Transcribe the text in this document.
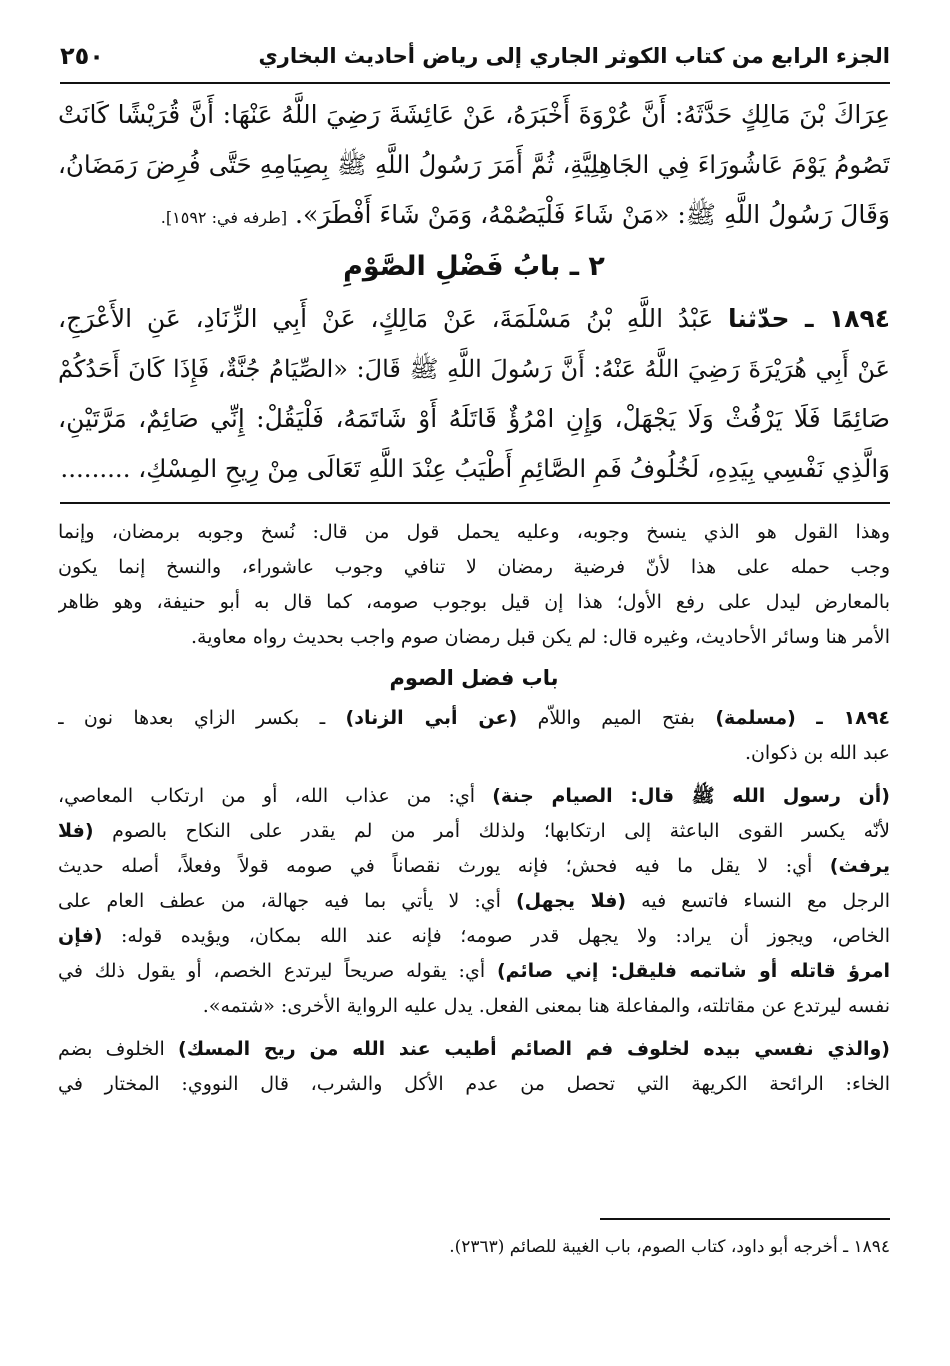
الجزء الرابع من كتاب الكوثر الجاري إلى رياض أحاديث البخاري
٢٥٠
عِرَاكَ بْنَ مَالِكٍ حَدَّثَهُ: أَنَّ عُرْوَةَ أَخْبَرَهُ، عَنْ عَائِشَةَ رَضِيَ اللَّهُ عَنْهَا: أَنَّ قُرَيْشًا كَانَتْ
تَصُومُ يَوْمَ عَاشُورَاءَ فِي الجَاهِلِيَّةِ، ثُمَّ أَمَرَ رَسُولُ اللَّهِ ﷺ بِصِيَامِهِ حَتَّى فُرِضَ رَمَضَانُ،
وَقَالَ رَسُولُ اللَّهِ ﷺ: «مَنْ شَاءَ فَلْيَصُمْهُ، وَمَنْ شَاءَ أَفْطَرَ». [طرفه في: ١٥٩٢].
٢ ـ بابُ فَضْلِ الصَّوْمِ
١٨٩٤ ـ حدّثنا عَبْدُ اللَّهِ بْنُ مَسْلَمَةَ، عَنْ مَالِكٍ، عَنْ أَبِي الزِّنَادِ، عَنِ الأَعْرَجِ،
عَنْ أَبِي هُرَيْرَةَ رَضِيَ اللَّهُ عَنْهُ: أَنَّ رَسُولَ اللَّهِ ﷺ قَالَ: «الصِّيَامُ جُنَّةٌ، فَإِذَا كَانَ أَحَدُكُمْ
صَائِمًا فَلَا يَرْفُثْ وَلَا يَجْهَلْ، وَإِنِ امْرُؤٌ قَاتَلَهُ أَوْ شَاتَمَهُ، فَلْيَقُلْ: إِنِّي صَائِمٌ، مَرَّتَيْنِ،
وَالَّذِي نَفْسِي بِيَدِهِ، لَخُلُوفُ فَمِ الصَّائِمِ أَطْيَبُ عِنْدَ اللَّهِ تَعَالَى مِنْ رِيحِ المِسْكِ، .........
وهذا القول هو الذي ينسخ وجوبه، وعليه يحمل قول من قال: نُسخ وجوبه برمضان، وإنما
وجب حمله على هذا لأنّ فرضية رمضان لا تنافي وجوب عاشوراء، والنسخ إنما يكون
بالمعارض ليدل على رفع الأول؛ هذا إن قيل بوجوب صومه، كما قال به أبو حنيفة، وهو ظاهر
الأمر هنا وسائر الأحاديث، وغيره قال: لم يكن قبل رمضان صوم واجب بحديث رواه معاوية.
باب فضل الصوم
١٨٩٤ ـ (مسلمة) بفتح الميم واللاّم (عن أبي الزناد) ـ بكسر الزاي بعدها نون ـ
عبد الله بن ذكوان.
(أن رسول الله ﷺ قال: الصيام جنة) أي: من عذاب الله، أو من ارتكاب المعاصي،
لأنّه يكسر القوى الباعثة إلى ارتكابها؛ ولذلك أمر من لم يقدر على النكاح بالصوم (فلا
يرفث) أي: لا يقل ما فيه فحش؛ فإنه يورث نقصاناً في صومه قولاً وفعلاً، أصله حديث
الرجل مع النساء فاتسع فيه (فلا يجهل) أي: لا يأتي بما فيه جهالة، من عطف العام على
الخاص، ويجوز أن يراد: ولا يجهل قدر صومه؛ فإنه عند الله بمكان، ويؤيده قوله: (فإن
امرؤ قاتله أو شاتمه فليقل: إني صائم) أي: يقوله صريحاً ليرتدع الخصم، أو يقول ذلك في
نفسه ليرتدع عن مقاتلته، والمفاعلة هنا بمعنى الفعل. يدل عليه الرواية الأخرى: «شتمه».
(والذي نفسي بيده لخلوف فم الصائم أطيب عند الله من ريح المسك) الخلوف بضم
الخاء: الرائحة الكريهة التي تحصل من عدم الأكل والشرب، قال النووي: المختار في
١٨٩٤ ـ أخرجه أبو داود، كتاب الصوم، باب الغيبة للصائم (٢٣٦٣).
